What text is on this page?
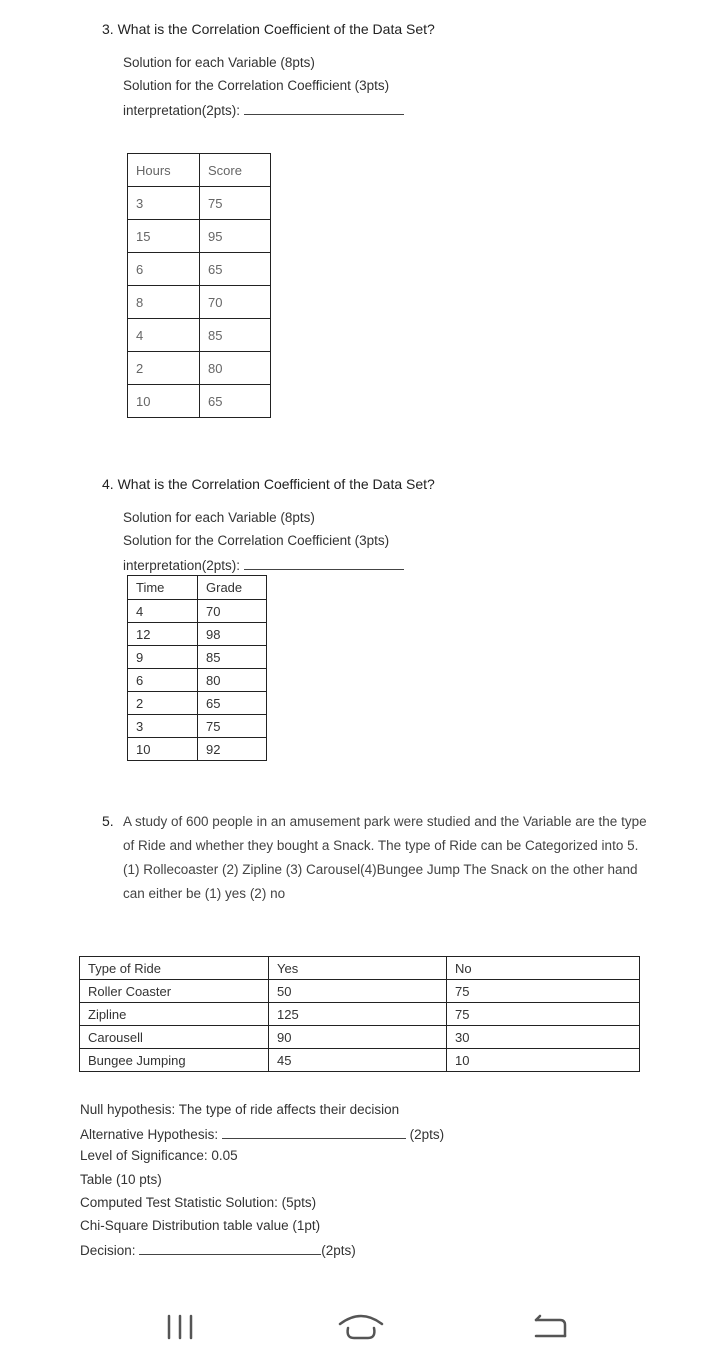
3. What is the Correlation Coefficient of the Data Set?
Solution for each Variable (8pts)
Solution for the Correlation Coefficient (3pts)
interpretation(2pts):
Hours	Score
3	75
15	95
6	65
8	70
4	85
2	80
10	65
4. What is the Correlation Coefficient of the Data Set?
Solution for each Variable (8pts)
Solution for the Correlation Coefficient (3pts)
interpretation(2pts):
Time	Grade
4	70
12	98
9	85
6	80
2	65
3	75
10	92
5. A study of 600 people in an amusement park were studied and the Variable are the type of Ride and whether they bought a Snack. The type of Ride can be Categorized into 5. (1) Rollecoaster (2) Zipline (3) Carousel(4)Bungee Jump The Snack on the other hand can either be (1) yes (2) no
Type of Ride	Yes	No
Roller Coaster	50	75
Zipline	125	75
Carousell	90	30
Bungee Jumping	45	10
Null hypothesis: The type of ride affects their decision
Alternative Hypothesis:	(2pts)
Level of Significance: 0.05
Table (10 pts)
Computed Test Statistic Solution: (5pts)
Chi-Square Distribution table value (1pt)
Decision:	(2pts)
